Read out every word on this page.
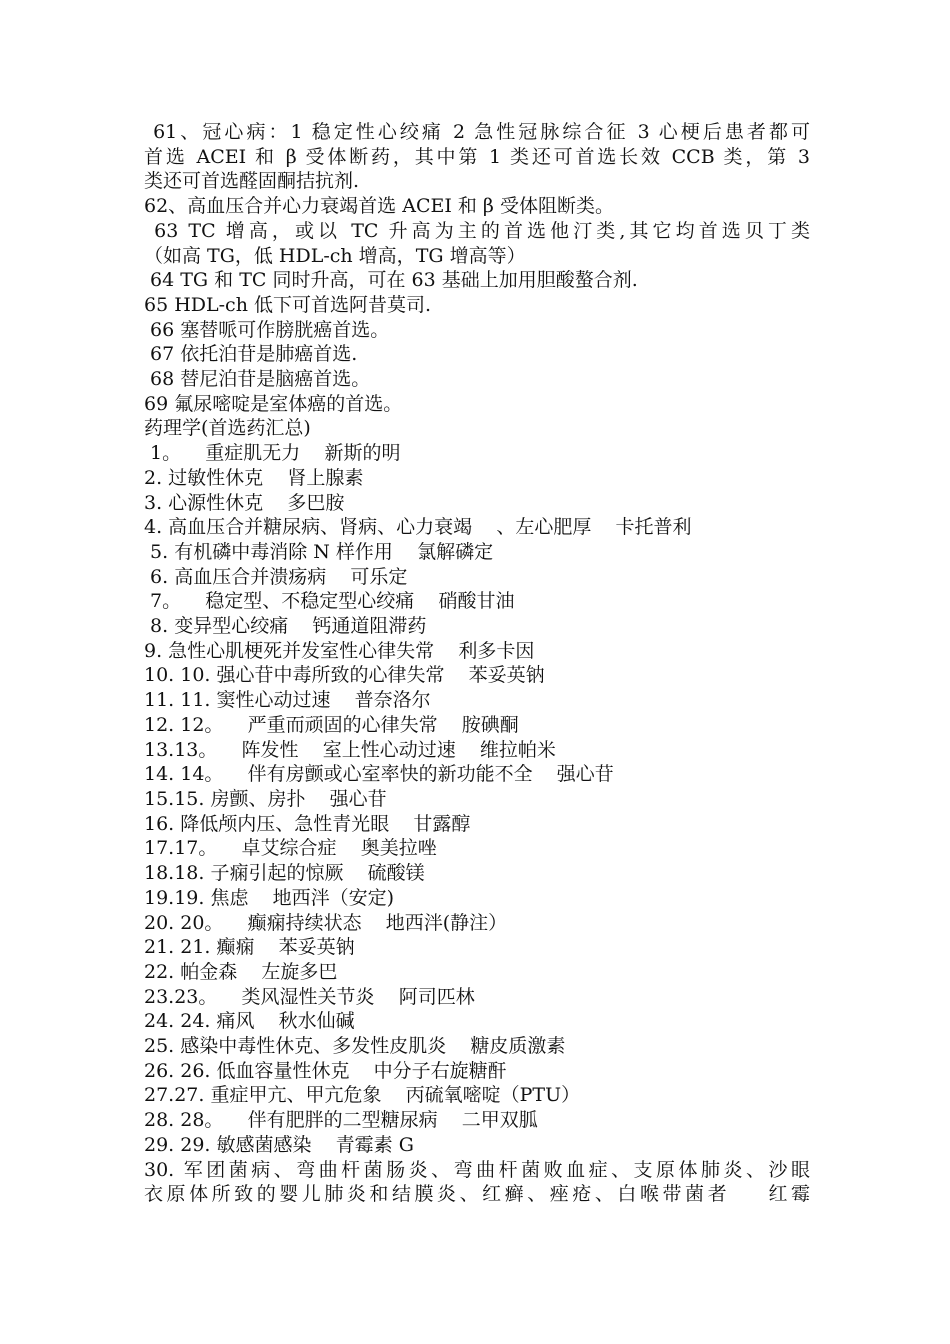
61、冠心病：1 稳定性心绞痛 2 急性冠脉综合征 3 心梗后患者都可

首选 ACEI 和 β 受体断药，其中第 1 类还可首选长效 CCB 类，第 3

类还可首选醛固酮拮抗剂.

62、高血压合并心力衰竭首选 ACEI 和 β 受体阻断类。

63 TC 增高，或以 TC 升高为主的首选他汀类,其它均首选贝丁类

（如高 TG，低 HDL-ch 增高，TG 增高等）

64 TG 和 TC 同时升高，可在 63 基础上加用胆酸螯合剂.

65 HDL-ch 低下可首选阿昔莫司.

66 塞替哌可作膀胱癌首选。

67 依托泊苷是肺癌首选.

68 替尼泊苷是脑癌首选。

69 氟尿嘧啶是室体癌的首选。

药理学(首选药汇总)

1。    重症肌无力    新斯的明

2. 过敏性休克    肾上腺素

3. 心源性休克    多巴胺

4. 高血压合并糖尿病、肾病、心力衰竭    、左心肥厚    卡托普利

5. 有机磷中毒消除 N 样作用    氯解磷定

6. 高血压合并溃疡病    可乐定

7。    稳定型、不稳定型心绞痛    硝酸甘油

8. 变异型心绞痛    钙通道阻滞药

9. 急性心肌梗死并发室性心律失常    利多卡因

10. 10. 强心苷中毒所致的心律失常    苯妥英钠

11. 11. 窦性心动过速    普奈洛尔

12. 12。    严重而顽固的心律失常    胺碘酮

13.13。    阵发性    室上性心动过速    维拉帕米

14. 14。    伴有房颤或心室率快的新功能不全    强心苷

15.15. 房颤、房扑    强心苷

16. 降低颅内压、急性青光眼    甘露醇

17.17。    卓艾综合症    奥美拉唑

18.18. 子痫引起的惊厥    硫酸镁

19.19. 焦虑    地西泮（安定)

20. 20。    癫痫持续状态    地西泮(静注）

21. 21. 癫痫    苯妥英钠

22. 帕金森    左旋多巴

23.23。    类风湿性关节炎    阿司匹林

24. 24. 痛风    秋水仙碱

25. 感染中毒性休克、多发性皮肌炎    糖皮质激素

26. 26. 低血容量性休克    中分子右旋糖酐

27.27. 重症甲亢、甲亢危象    丙硫氧嘧啶（PTU）

28. 28。    伴有肥胖的二型糖尿病    二甲双胍

29. 29. 敏感菌感染    青霉素 G

30. 军团菌病、弯曲杆菌肠炎、弯曲杆菌败血症、支原体肺炎、沙眼

衣原体所致的婴儿肺炎和结膜炎、红癣、痤疮、白喉带菌者    红霉
